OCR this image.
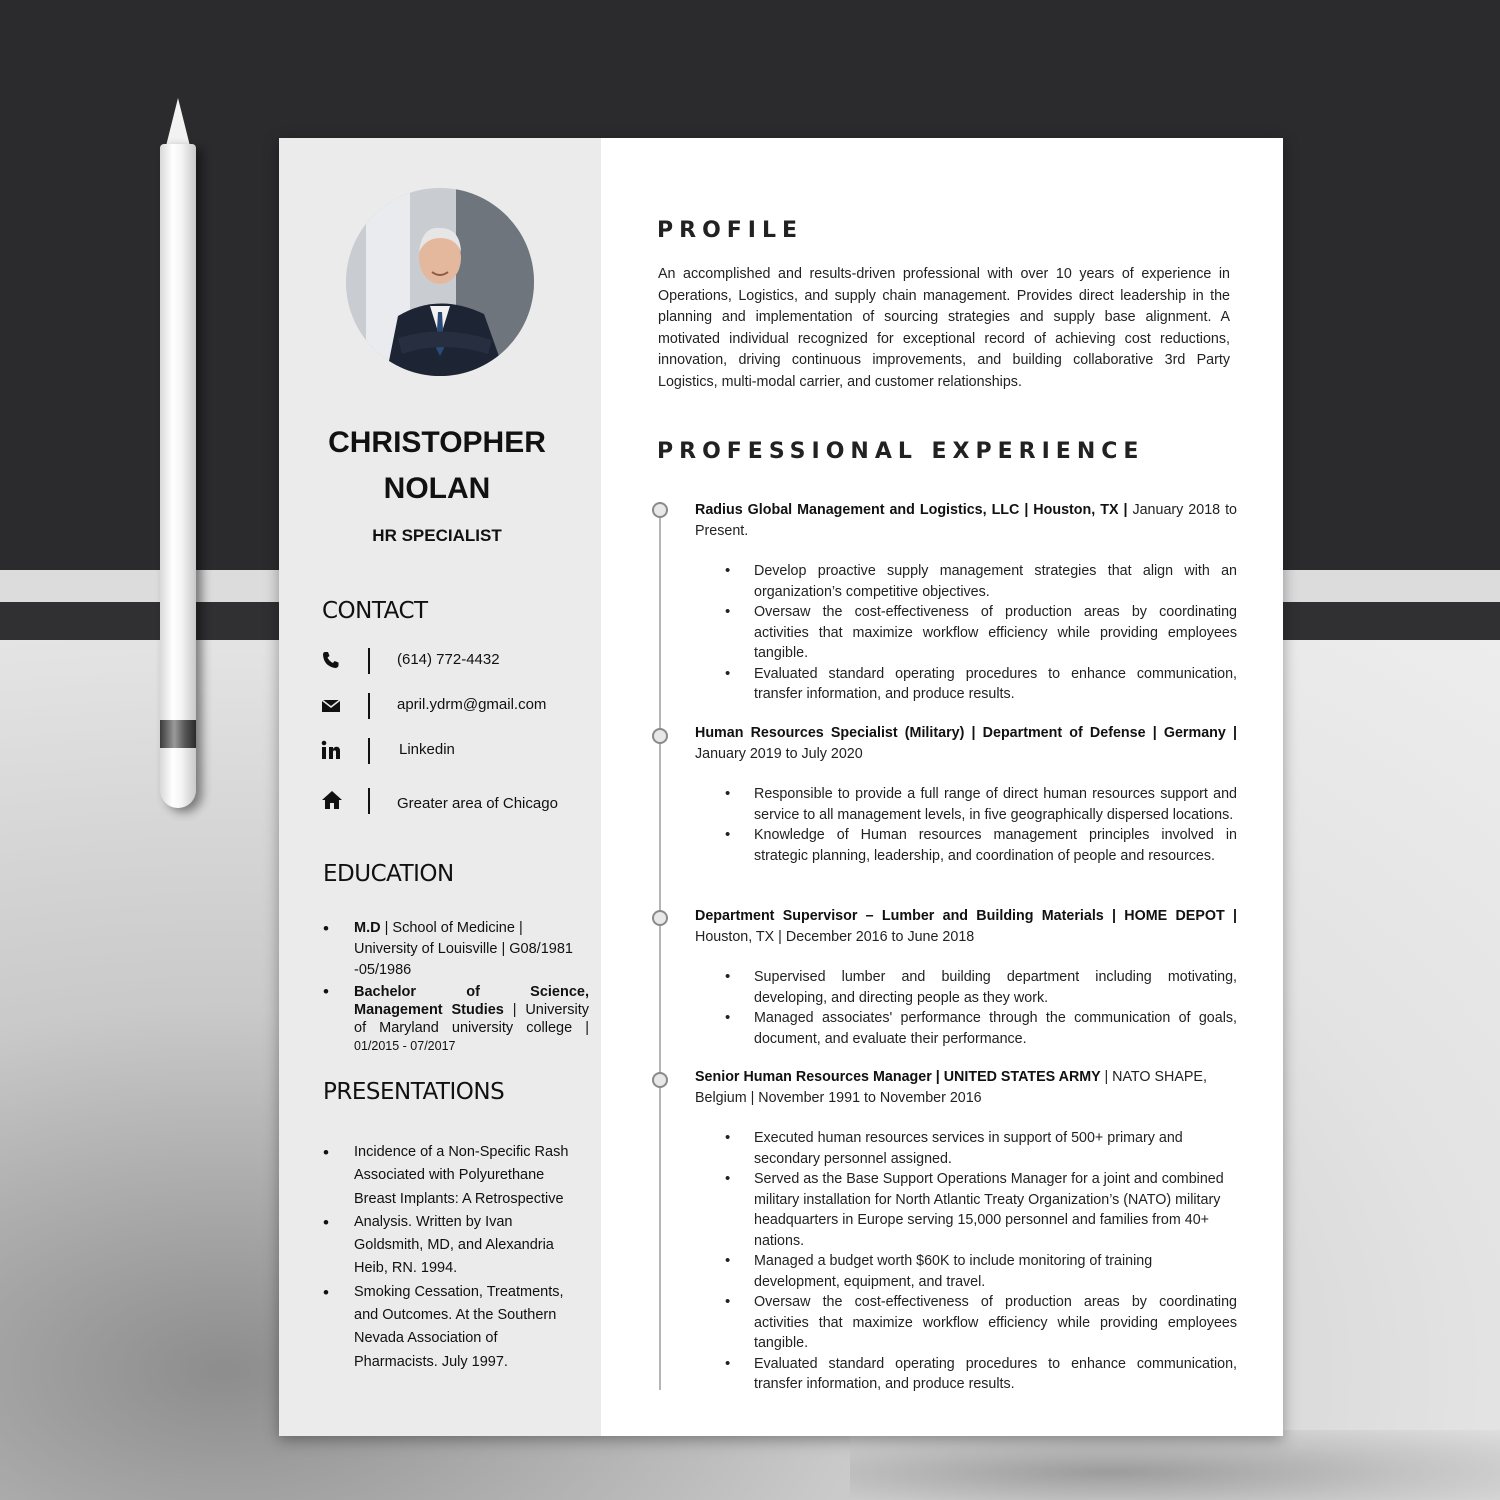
CHRISTOPHER
NOLAN
HR SPECIALIST
CONTACT
(614) 772-4432
april.ydrm@gmail.com
Linkedin
Greater area of Chicago
EDUCATION
• M.D | School of Medicine | University of Louisville | G08/1981 -05/1986
• Bachelor of Science, Management Studies | University of Maryland university college | 01/2015 - 07/2017
PRESENTATIONS
• Incidence of a Non-Specific Rash Associated with Polyurethane Breast Implants: A Retrospective
• Analysis. Written by Ivan Goldsmith, MD, and Alexandria Heib, RN. 1994.
• Smoking Cessation, Treatments, and Outcomes. At the Southern Nevada Association of Pharmacists. July 1997.
PROFILE
An accomplished and results-driven professional with over 10 years of experience in Operations, Logistics, and supply chain management. Provides direct leadership in the planning and implementation of sourcing strategies and supply base alignment. A motivated individual recognized for exceptional record of achieving cost reductions, innovation, driving continuous improvements, and building collaborative 3rd Party Logistics, multi-modal carrier, and customer relationships.
PROFESSIONAL EXPERIENCE
Radius Global Management and Logistics, LLC | Houston, TX | January 2018 to Present.
• Develop proactive supply management strategies that align with an organization’s competitive objectives.
• Oversaw the cost-effectiveness of production areas by coordinating activities that maximize workflow efficiency while providing employees tangible.
• Evaluated standard operating procedures to enhance communication, transfer information, and produce results.
Human Resources Specialist (Military) | Department of Defense | Germany | January 2019 to July 2020
• Responsible to provide a full range of direct human resources support and service to all management levels, in five geographically dispersed locations.
• Knowledge of Human resources management principles involved in strategic planning, leadership, and coordination of people and resources.
Department Supervisor – Lumber and Building Materials | HOME DEPOT | Houston, TX | December 2016 to June 2018
• Supervised lumber and building department including motivating, developing, and directing people as they work.
• Managed associates' performance through the communication of goals, document, and evaluate their performance.
Senior Human Resources Manager | UNITED STATES ARMY | NATO SHAPE, Belgium | November 1991 to November 2016
• Executed human resources services in support of 500+ primary and secondary personnel assigned.
• Served as the Base Support Operations Manager for a joint and combined military installation for North Atlantic Treaty Organization’s (NATO) military headquarters in Europe serving 15,000 personnel and families from 40+ nations.
• Managed a budget worth $60K to include monitoring of training development, equipment, and travel.
• Oversaw the cost-effectiveness of production areas by coordinating activities that maximize workflow efficiency while providing employees tangible.
• Evaluated standard operating procedures to enhance communication, transfer information, and produce results.
